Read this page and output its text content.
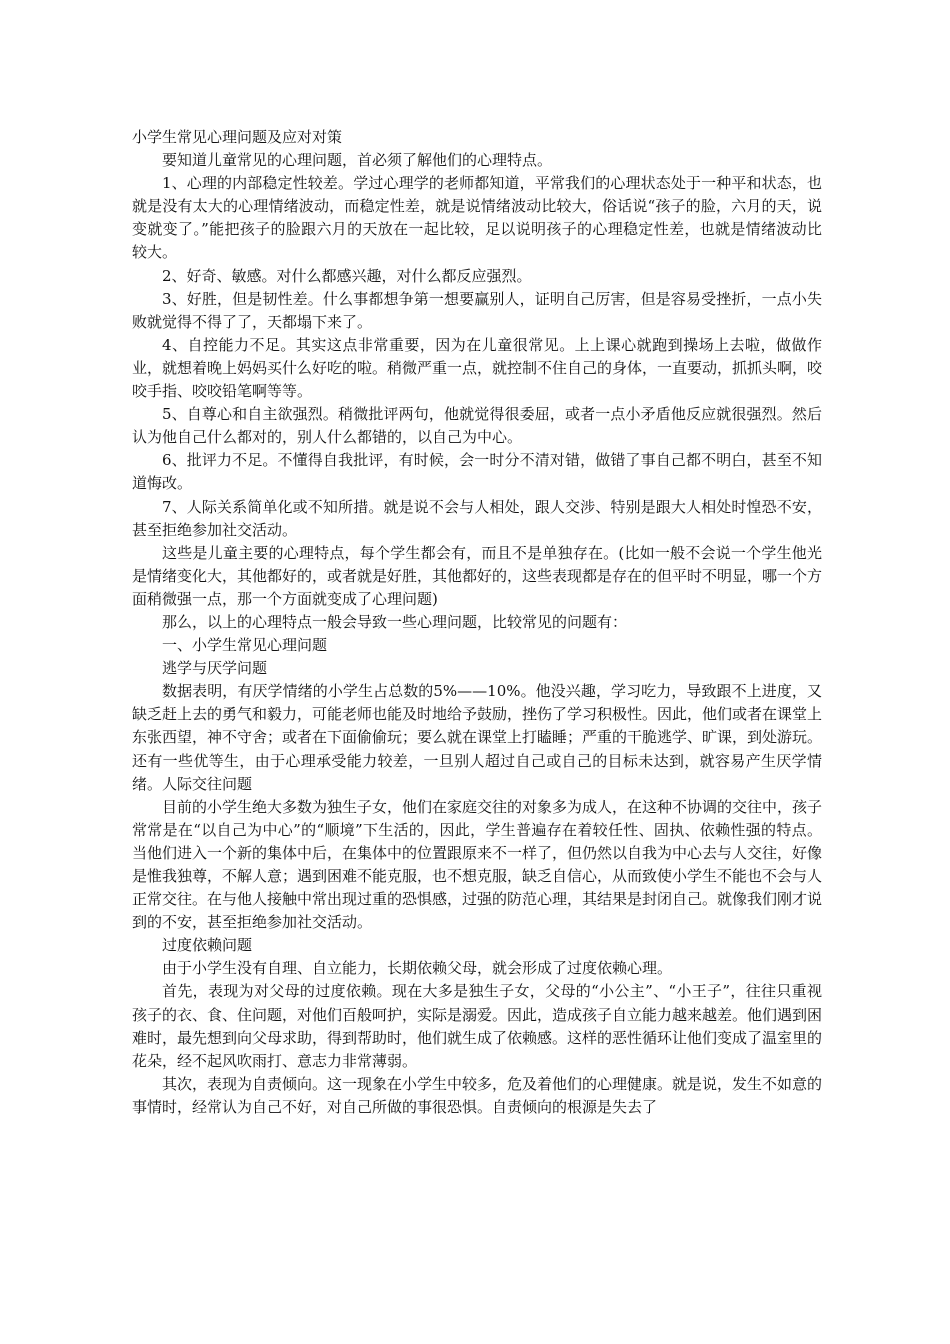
小学生常见心理问题及应对对策

要知道儿童常见的心理问题，首必须了解他们的心理特点。

1、心理的内部稳定性较差。学过心理学的老师都知道，平常我们的心理状态处于一种平和状态，也就是没有太大的心理情绪波动，而稳定性差，就是说情绪波动比较大，俗话说“孩子的脸，六月的天，说变就变了。”能把孩子的脸跟六月的天放在一起比较，足以说明孩子的心理稳定性差，也就是情绪波动比较大。

2、好奇、敏感。对什么都感兴趣，对什么都反应强烈。

3、好胜，但是韧性差。什么事都想争第一想要赢别人，证明自己厉害，但是容易受挫折，一点小失败就觉得不得了了，天都塌下来了。

4、自控能力不足。其实这点非常重要，因为在儿童很常见。上上课心就跑到操场上去啦，做做作业，就想着晚上妈妈买什么好吃的啦。稍微严重一点，就控制不住自己的身体，一直要动，抓抓头啊，咬咬手指、咬咬铅笔啊等等。

5、自尊心和自主欲强烈。稍微批评两句，他就觉得很委屈，或者一点小矛盾他反应就很强烈。然后认为他自己什么都对的，别人什么都错的，以自己为中心。

6、批评力不足。不懂得自我批评，有时候，会一时分不清对错，做错了事自己都不明白，甚至不知道悔改。

7、人际关系简单化或不知所措。就是说不会与人相处，跟人交涉、特别是跟大人相处时惶恐不安，甚至拒绝参加社交活动。

这些是儿童主要的心理特点，每个学生都会有，而且不是单独存在。(比如一般不会说一个学生他光是情绪变化大，其他都好的，或者就是好胜，其他都好的，这些表现都是存在的但平时不明显，哪一个方面稍微强一点，那一个方面就变成了心理问题)

那么，以上的心理特点一般会导致一些心理问题，比较常见的问题有：

一、小学生常见心理问题

逃学与厌学问题

数据表明，有厌学情绪的小学生占总数的5%——10%。他没兴趣，学习吃力，导致跟不上进度，又缺乏赶上去的勇气和毅力，可能老师也能及时地给予鼓励，挫伤了学习积极性。因此，他们或者在课堂上东张西望，神不守舍；或者在下面偷偷玩；要么就在课堂上打瞌睡；严重的干脆逃学、旷课，到处游玩。还有一些优等生，由于心理承受能力较差，一旦别人超过自己或自己的目标未达到，就容易产生厌学情绪。人际交往问题

目前的小学生绝大多数为独生子女，他们在家庭交往的对象多为成人，在这种不协调的交往中，孩子常常是在“以自己为中心”的“顺境”下生活的，因此，学生普遍存在着较任性、固执、依赖性强的特点。当他们进入一个新的集体中后，在集体中的位置跟原来不一样了，但仍然以自我为中心去与人交往，好像是惟我独尊，不解人意；遇到困难不能克服，也不想克服，缺乏自信心，从而致使小学生不能也不会与人正常交往。在与他人接触中常出现过重的恐惧感，过强的防范心理，其结果是封闭自己。就像我们刚才说到的不安，甚至拒绝参加社交活动。

过度依赖问题

由于小学生没有自理、自立能力，长期依赖父母，就会形成了过度依赖心理。

首先，表现为对父母的过度依赖。现在大多是独生子女，父母的“小公主”、“小王子”，往往只重视孩子的衣、食、住问题，对他们百般呵护，实际是溺爱。因此，造成孩子自立能力越来越差。他们遇到困难时，最先想到向父母求助，得到帮助时，他们就生成了依赖感。这样的恶性循环让他们变成了温室里的花朵，经不起风吹雨打、意志力非常薄弱。

其次，表现为自责倾向。这一现象在小学生中较多，危及着他们的心理健康。就是说，发生不如意的事情时，经常认为自己不好，对自己所做的事很恐惧。自责倾向的根源是失去了
